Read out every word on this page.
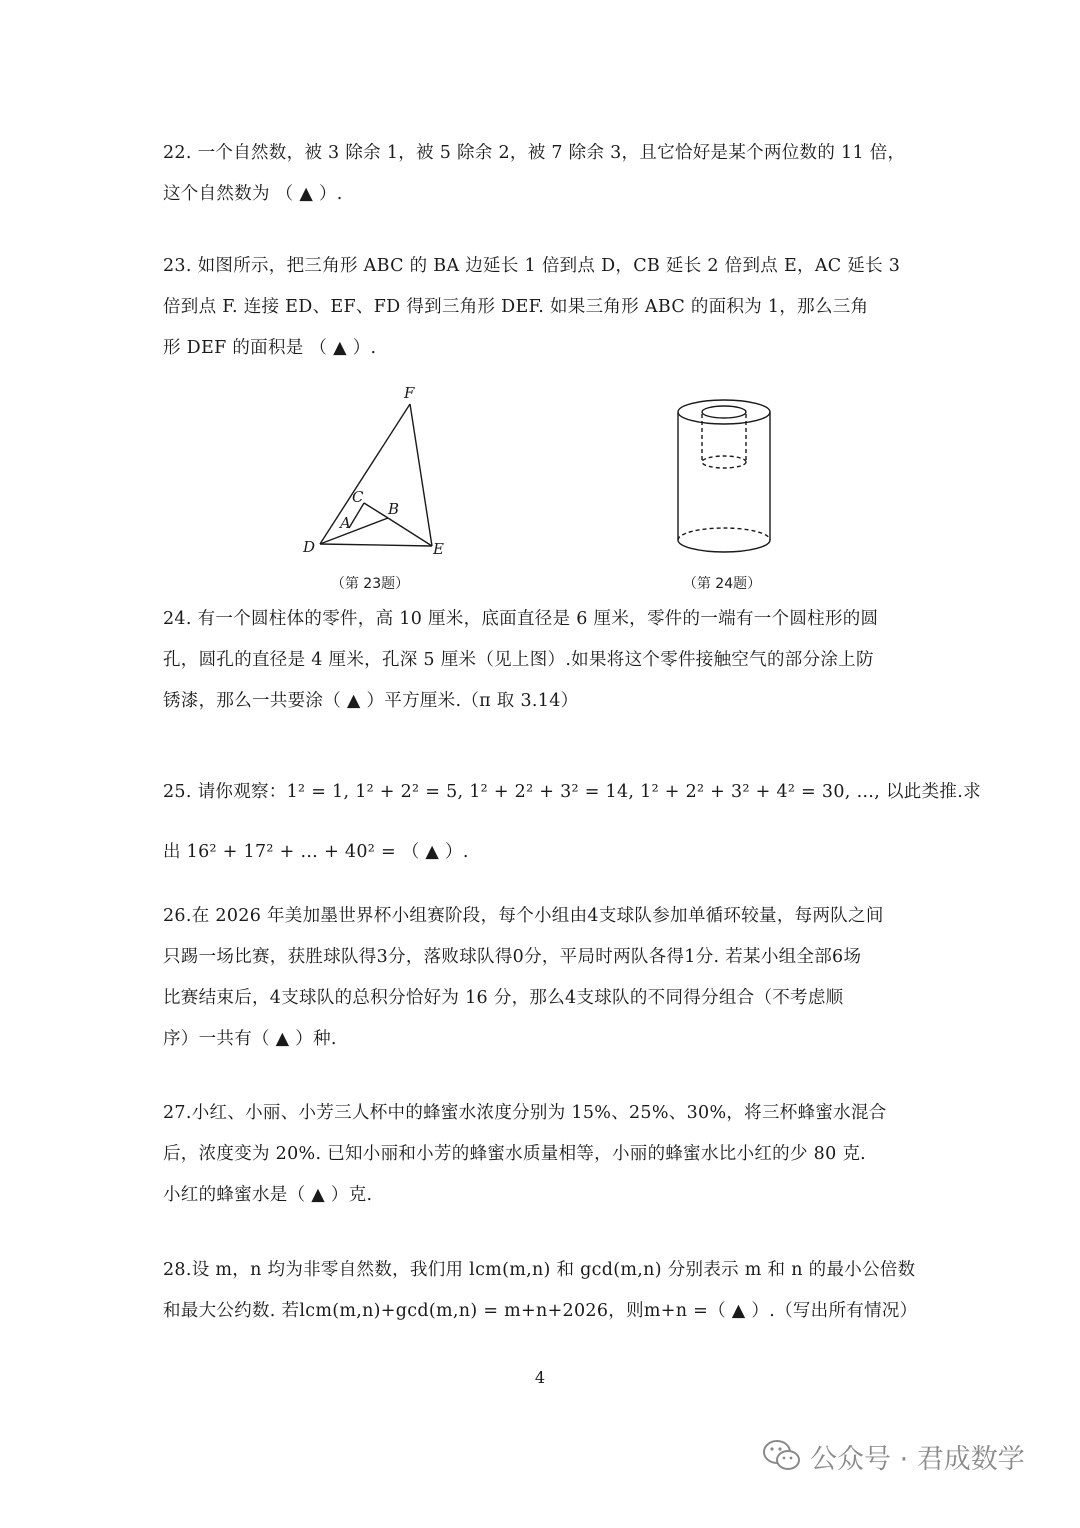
22. 一个自然数，被 3 除余 1，被 5 除余 2，被 7 除余 3，且它恰好是某个两位数的 11 倍，

这个自然数为 （ ▲ ）.

23. 如图所示，把三角形 ABC 的 BA 边延长 1 倍到点 D，CB 延长 2 倍到点 E，AC 延长 3

倍到点 F. 连接 ED、EF、FD 得到三角形 DEF. 如果三角形 ABC 的面积为 1，那么三角

形 DEF 的面积是 （ ▲ ）.

F
C
A
B
D	E
（第 23题）	（第 24题）

24. 有一个圆柱体的零件，高 10 厘米，底面直径是 6 厘米，零件的一端有一个圆柱形的圆

孔，圆孔的直径是 4 厘米，孔深 5 厘米（见上图）.如果将这个零件接触空气的部分涂上防

锈漆，那么一共要涂（ ▲ ）平方厘米.（π 取 3.14）

25. 请你观察：1² = 1, 1² + 2² = 5, 1² + 2² + 3² = 14, 1² + 2² + 3² + 4² = 30, …, 以此类推.求

出 16² + 17² + … + 40² = （ ▲ ）.

26.在 2026 年美加墨世界杯小组赛阶段，每个小组由4支球队参加单循环较量，每两队之间

只踢一场比赛，获胜球队得3分，落败球队得0分，平局时两队各得1分. 若某小组全部6场

比赛结束后，4支球队的总积分恰好为 16 分，那么4支球队的不同得分组合（不考虑顺

序）一共有（ ▲ ）种.

27.小红、小丽、小芳三人杯中的蜂蜜水浓度分别为 15%、25%、30%，将三杯蜂蜜水混合

后，浓度变为 20%. 已知小丽和小芳的蜂蜜水质量相等，小丽的蜂蜜水比小红的少 80 克.

小红的蜂蜜水是（ ▲ ）克.

28.设 m，n 均为非零自然数，我们用 lcm(m,n) 和 gcd(m,n) 分别表示 m 和 n 的最小公倍数

和最大公约数. 若lcm(m,n)+gcd(m,n) = m+n+2026，则m+n =（ ▲ ）.（写出所有情况）

4
公众号 · 君成数学
